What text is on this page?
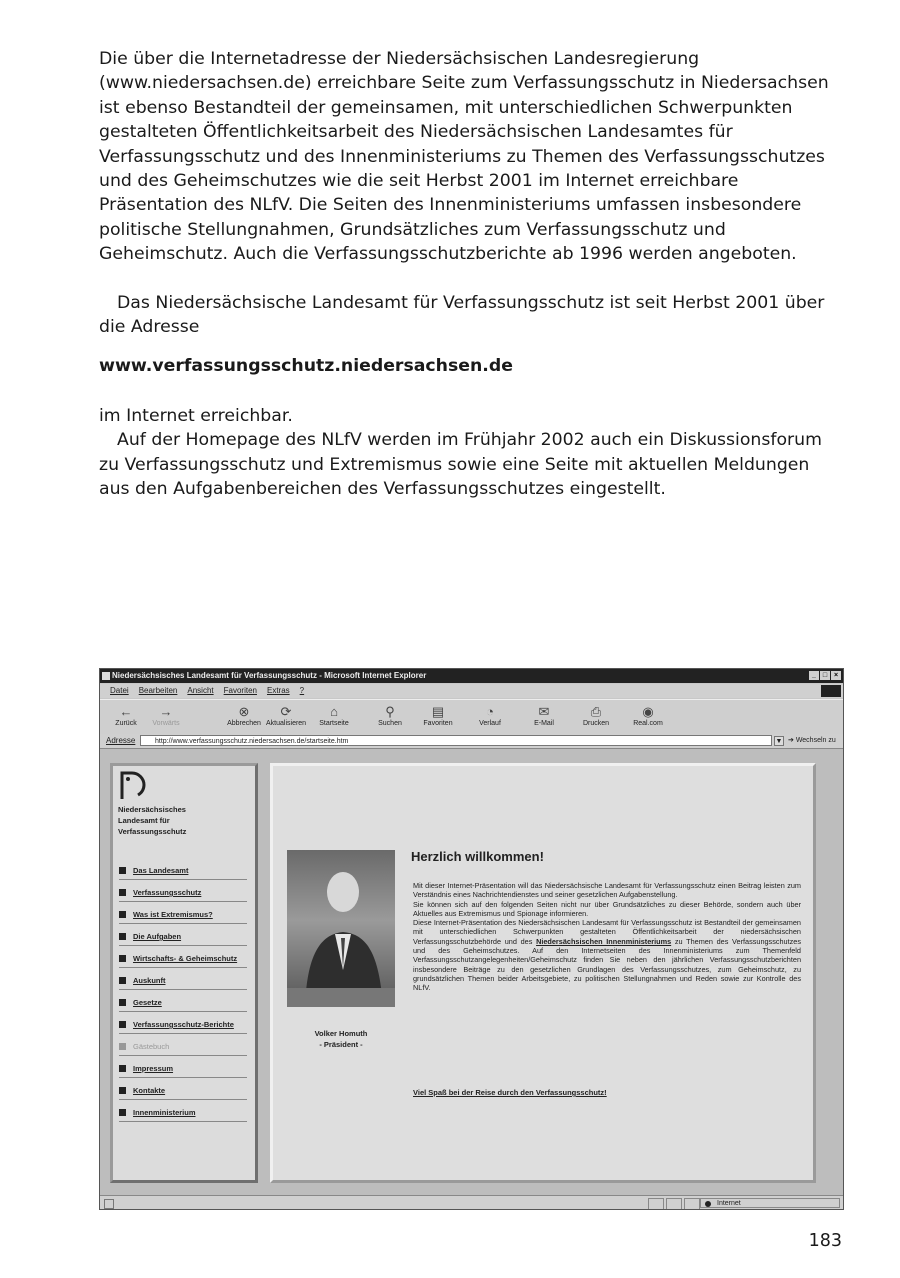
Die über die Internetadresse der Niedersächsischen Landesregierung (www.niedersachsen.de) erreichbare Seite zum Verfassungsschutz in Niedersachsen ist ebenso Bestandteil der gemeinsamen, mit unterschiedlichen Schwerpunkten gestalteten Öffentlichkeitsarbeit des Niedersächsischen Landesamtes für Verfassungsschutz und des Innenministeriums zu Themen des Verfassungsschutzes und des Geheimschutzes wie die seit Herbst 2001 im Internet erreichbare Präsentation des NLfV. Die Seiten des Innenministeriums umfassen insbesondere politische Stellungnahmen, Grundsätzliches zum Verfassungsschutz und Geheimschutz. Auch die Verfassungsschutzberichte ab 1996 werden angeboten.

Das Niedersächsische Landesamt für Verfassungsschutz ist seit Herbst 2001 über die Adresse

www.verfassungsschutz.niedersachsen.de

im Internet erreichbar.

Auf der Homepage des NLfV werden im Frühjahr 2002 auch ein Diskussionsforum zu Verfassungsschutz und Extremismus sowie eine Seite mit aktuellen Meldungen aus den Aufgabenbereichen des Verfassungsschutzes eingestellt.

Niedersächsisches Landesamt für Verfassungsschutz - Microsoft Internet Explorer	_ □ ×
Datei Bearbeiten Ansicht Favoriten Extras ?
←
Zurück
→
Vorwärts
⊗
Abbrechen
⟳
Aktualisieren
⌂
Startseite
⚲
Suchen
▤
Favoriten
◔
Verlauf
✉
E-Mail
⎙
Drucken
◉
Real.com
Adresse	http://www.verfassungsschutz.niedersachsen.de/startseite.htm	▼ ➔ Wechseln zu
Niedersächsisches
Landesamt für
Verfassungsschutz
Das Landesamt
Verfassungsschutz
Was ist Extremismus?
Die Aufgaben
Wirtschafts- & Geheimschutz
Auskunft
Gesetze
Verfassungsschutz-Berichte
Gästebuch
Impressum
Kontakte
Innenministerium
Volker Homuth
- Präsident -
Herzlich willkommen!

Mit dieser Internet-Präsentation will das Niedersächsische Landesamt für Verfassungsschutz einen Beitrag leisten zum Verständnis eines Nachrichtendienstes und seiner gesetzlichen Aufgabenstellung.

Sie können sich auf den folgenden Seiten nicht nur über Grundsätzliches zu dieser Behörde, sondern auch über Aktuelles aus Extremismus und Spionage informieren.

Diese Internet-Präsentation des Niedersächsischen Landesamt für Verfassungsschutz ist Bestandteil der gemeinsamen mit unterschiedlichen Schwerpunkten gestalteten Öffentlichkeitsarbeit der niedersächsischen Verfassungsschutzbehörde und des Niedersächsischen Innenministeriums zu Themen des Verfassungsschutzes und des Geheimschutzes. Auf den Internetseiten des Innenministeriums zum Themenfeld Verfassungsschutzangelegenheiten/Geheimschutz finden Sie neben den jährlichen Verfassungsschutzberichten insbesondere Beiträge zu den gesetzlichen Grundlagen des Verfassungsschutzes, zum Geheimschutz, zu grundsätzlichen Themen beider Arbeitsgebiete, zu politischen Stellungnahmen und Reden sowie zur Kontrolle des NLfV.

Viel Spaß bei der Reise durch den Verfassungsschutz!
Internet
183
